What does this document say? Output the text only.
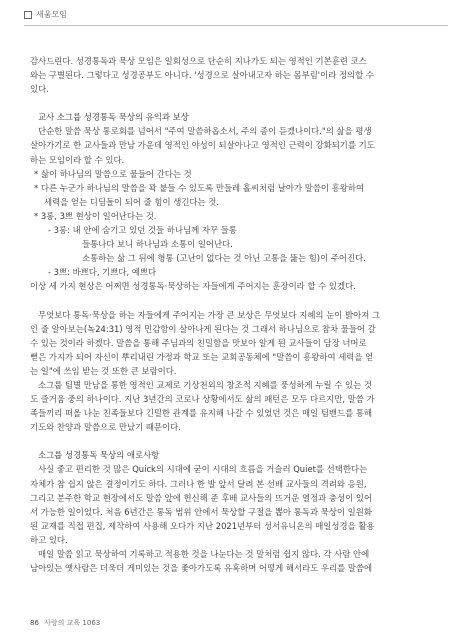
새움모임

감사드린다. 성경통독과 묵상 모임은 일회성으로 단순히 지나가도 되는 영적인 기본훈련 코스

와는 구별된다. 그렇다고 성경공부도 아니다. '성경으로 살아내고자 하는 몸부림'이라 정의할 수

있다.

교사 소그룹 성경통독 묵상의 유익과 보상

단순한 말씀 묵상 통로회를 넘어서 "주여 말씀하옵소서, 주의 종이 듣겠나이다."의 삶을 평생

살아가기로 한 교사들과 만남 가운데 영적인 야성이 되살아나고 영적인 근력이 강화되기를 기도

하는 모임이라 할 수 있다.

* 삶이 하나님의 말씀으로 물들어 간다는 것

* 다른 누군가 하나님의 말씀을 꽉 붙들 수 있도록 만들레 홀씨처럼 날아가 말씀이 흥왕하여

세력을 얻는 디딤돌이 되어 줄 힘이 생긴다는 것.

* 3롱, 3쁘 현상이 일어난다는 것.

- 3롱: 내 안에 숨기고 있던 것들 하나님께 자꾸 들통

들통나다 보니 하나님과 소통이 일어난다.

소통하는 삶 그 뒤에 형통 (고난이 없다는 것 아닌 고통을 뚫는 힘)이 주어진다.

- 3쁘: 바쁘다, 기쁘다, 예쁘다

이상 세 가지 현상은 어쩌면 성경통독·묵상하는 자들에게 주어지는 훈장이라 할 수 있겠다.

무엇보다 통독·묵상을 하는 자들에게 주어지는 가장 큰 보상은 무엇보다 지혜의 눈이 밝아져 그

인 줄 알아보는(녹24:31) 영적 민감함이 살아나게 된다는 것 그래서 하나님으로 참차 물들어 갈

수 있는 것이라 하겠다. 말씀을 통해 주님과의 친밀함을 맛보아 알게 된 교사들이 담장 너머로

뻗은 가지가 되어 자신이 뿌리내린 가정과 학교 또는 교회공동체에 "말씀이 흥왕하여 세력을 얻

는 일"에 쓰임 받는 것 또한 큰 보람이다.

소그룹 팀별 만남을 통한 영적인 교제로 기상천외의 창조적 지혜를 풍성하게 누릴 수 있는 것

도 즐거움 중의 하나이다. 지난 3년간의 코로나 상황에서도 삶의 패턴은 모두 다르지만, 말씀 가

족들끼리 떠올 나눈 친족들보다 긴밀한 관계를 유지해 나갈 수 있었던 것은 매일 팀밴드를 통해

기도와 찬양과 말씀으로 만났기 때문이다.

소그룹 성경통독 묵상의 애로사항

사실 좋고 편리한 것 많은 Quick의 시대에 굳이 시대의 흐름을 거슬러 Quiet를 선택한다는

자체가 참 쉽지 않은 결정이기도 하다. 그러나 한 발 앞서 달려 본 선배 교사들의 격려와 응원,

그리고 분주한 학교 현장에서도 말씀 앞에 헌신해 준 후배 교사들의 뜨거운 열정과 충성이 있어

서 가능한 일이었다. 처음 6년간은 통독 범위 안에서 묵상할 구절을 뽑아 통독과 묵상이 일원화

된 교재를 직접 편집, 제작하여 사용해 오다가 지난 2021년부터 성서유니온의 매일성경을 활용

하고 있다.

매일 말씀 읽고 묵상하여 기록하고 적용한 것을 나눈다는 것 말처럼 쉽지 않다. 각 사람 안에

남아있는 옛사람은 더욱더 게미있는 것을 좇아가도록 유혹하며 어떻게 해서라도 우리를 말씀에

86 사랑의 교육 1063
